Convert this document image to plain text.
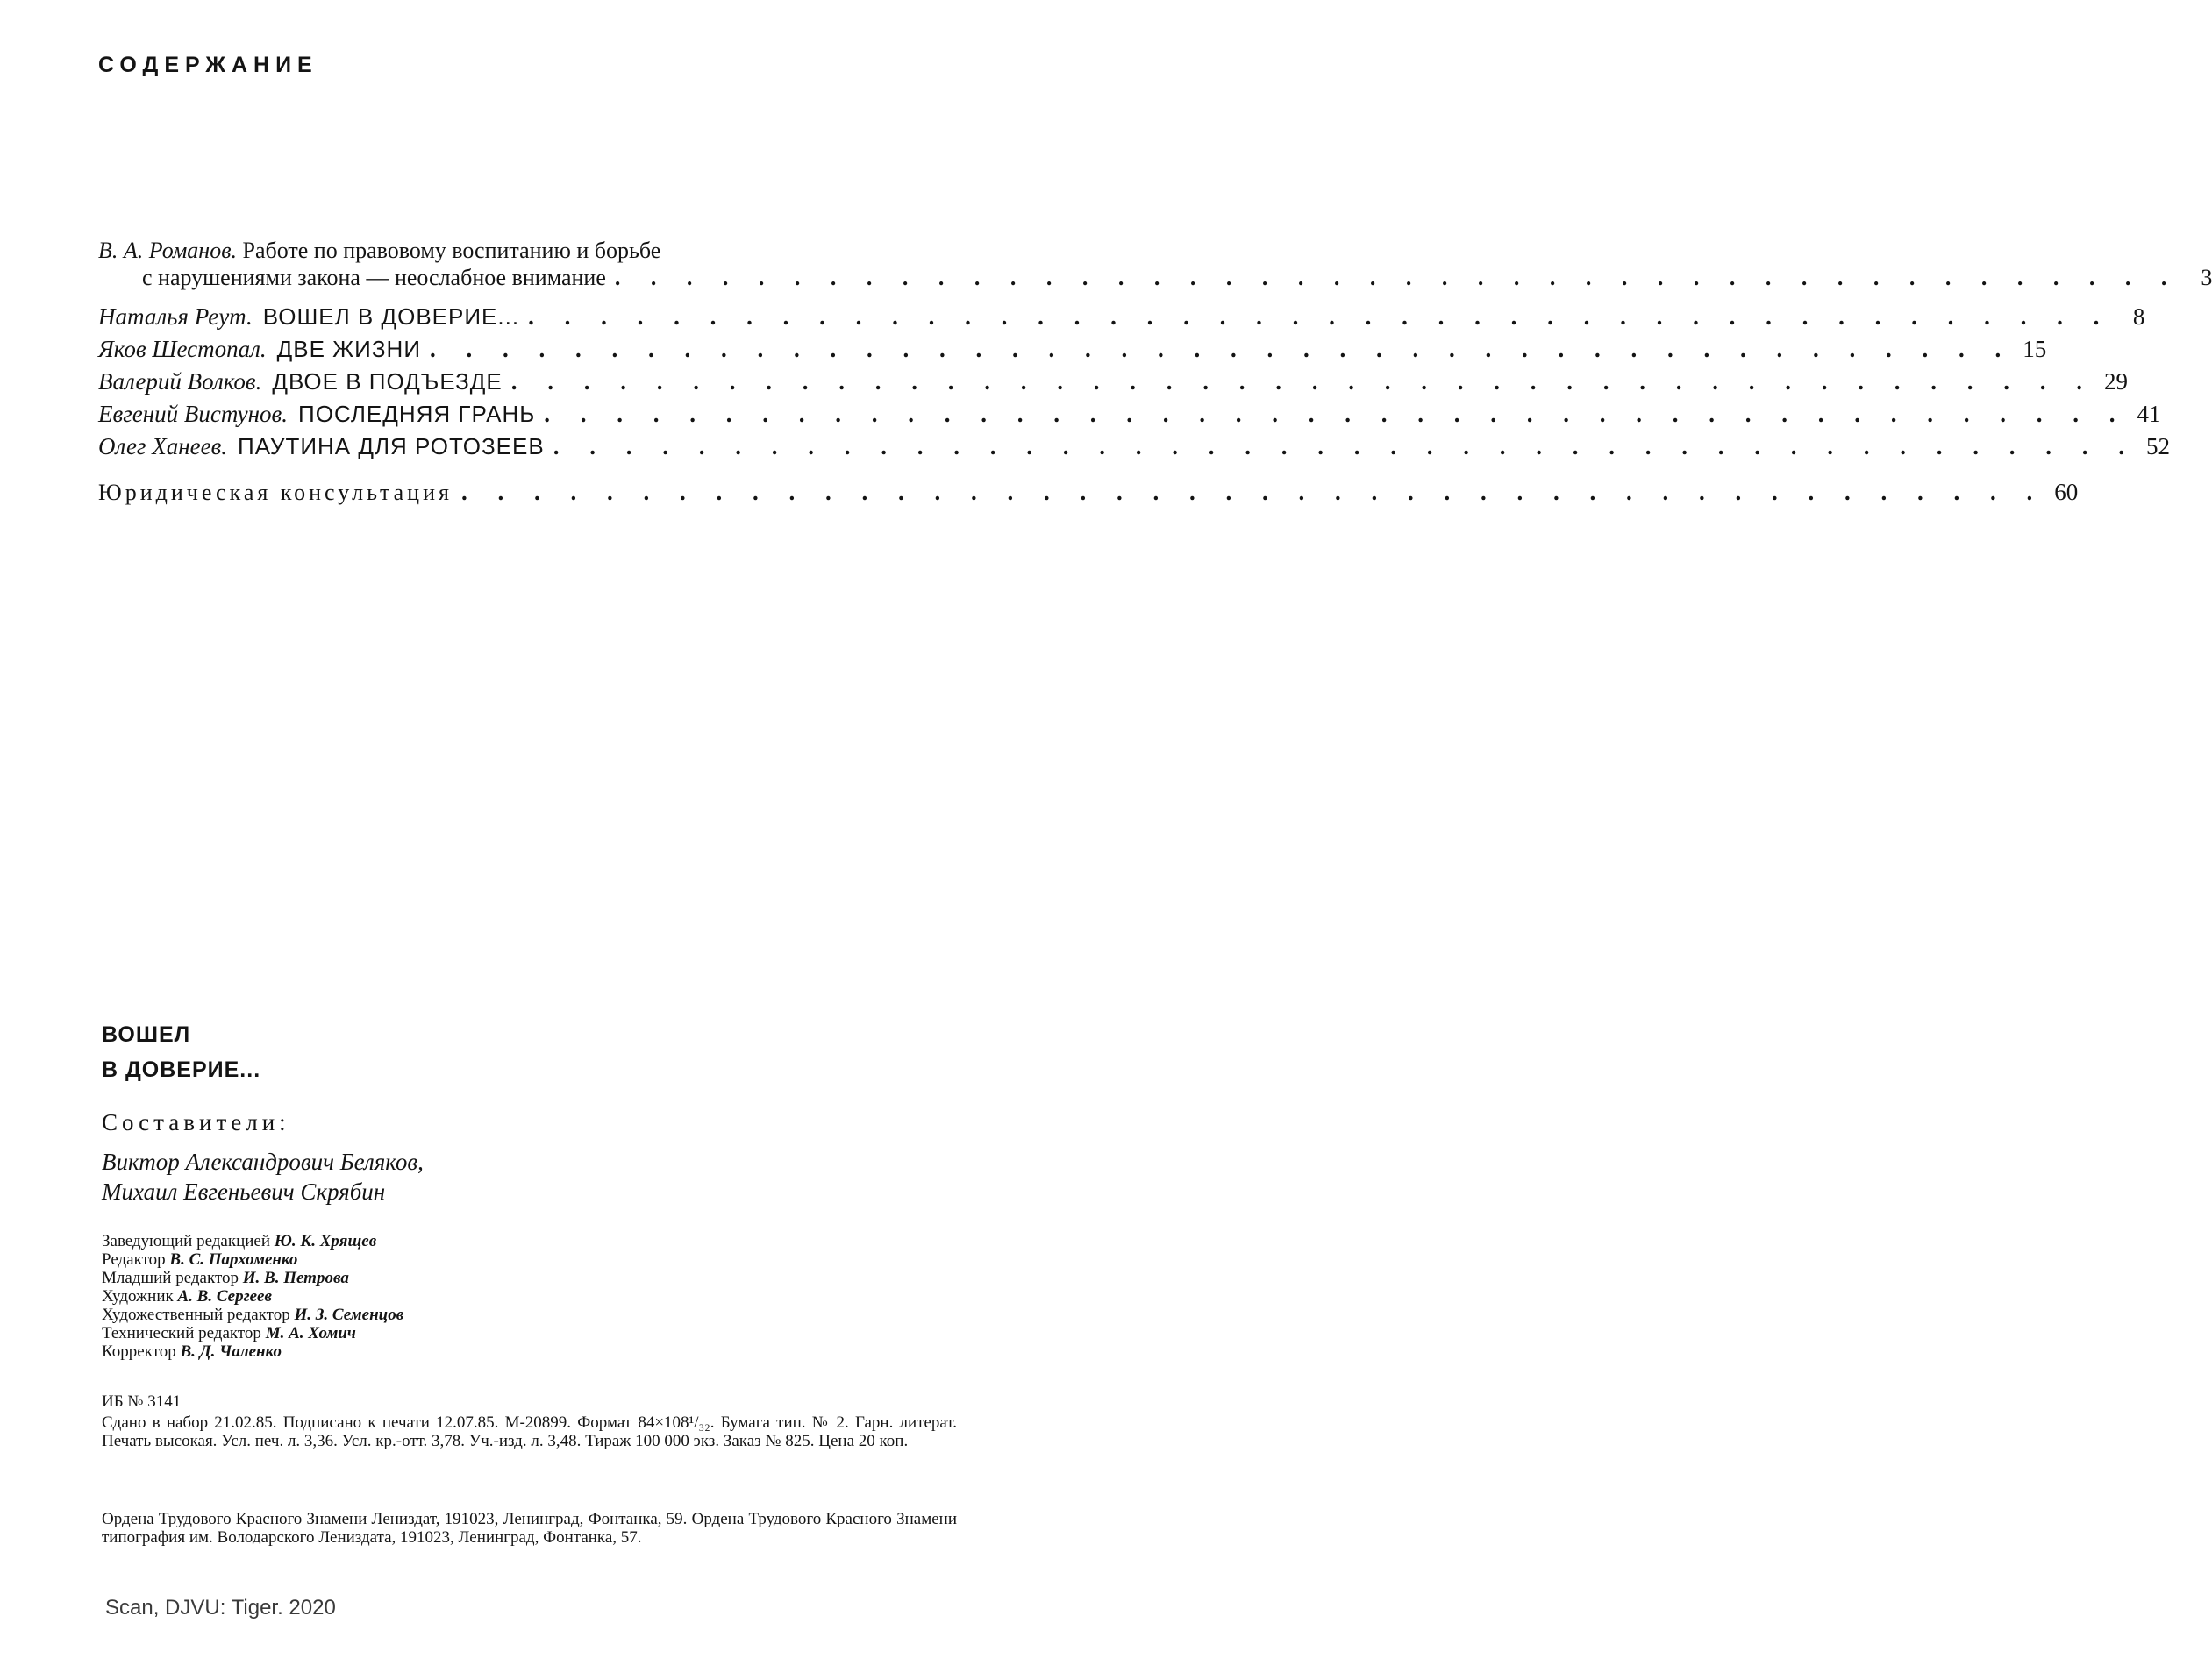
СОДЕРЖАНИЕ
В. А. Романов. Работе по правовому воспитанию и борьбе
с нарушениями закона — неослабное внимание . . . . . . . . . . . . . . . . . . . . . . . . . . . . . . . . . . . . . . . . . . . . 3
Наталья Реут. ВОШЕЛ В ДОВЕРИЕ... . . . . . . . . . . . . . . . . . . . . . . . . . . . . . . . . . . . . . . . . . . . . 8
Яков Шестопал. ДВЕ ЖИЗНИ . . . . . . . . . . . . . . . . . . . . . . . . . . . . . . . . . . . . . . . . . . . . 15
Валерий Волков. ДВОЕ В ПОДЪЕЗДЕ . . . . . . . . . . . . . . . . . . . . . . . . . . . . . . . . . . . . . . . . . . . . 29
Евгений Вистунов. ПОСЛЕДНЯЯ ГРАНЬ . . . . . . . . . . . . . . . . . . . . . . . . . . . . . . . . . . . . . . . . . . . . 41
Олег Ханеев. ПАУТИНА ДЛЯ РОТОЗЕЕВ . . . . . . . . . . . . . . . . . . . . . . . . . . . . . . . . . . . . . . . . . . . . 52
Юридическая консультация . . . . . . . . . . . . . . . . . . . . . . . . . . . . . . . . . . . . . . . . . . . . 60
ВОШЕЛ
В ДОВЕРИЕ...
Составители:
Виктор Александрович Беляков,
Михаил Евгеньевич Скрябин
Заведующий редакцией Ю. К. Хрящев
Редактор В. С. Пархоменко
Младший редактор И. В. Петрова
Художник А. В. Сергеев
Художественный редактор И. З. Семенцов
Технический редактор М. А. Хомич
Корректор В. Д. Чаленко
ИБ № 3141
Сдано в набор 21.02.85. Подписано к печати 12.07.85. М-20899. Формат 84×108¹/₃₂. Бумага тип. № 2. Гарн. литерат. Печать высокая. Усл. печ. л. 3,36. Усл. кр.-отт. 3,78. Уч.-изд. л. 3,48. Тираж 100 000 экз. Заказ № 825. Цена 20 коп.
Ордена Трудового Красного Знамени Лениздат, 191023, Ленинград, Фонтанка, 59. Ордена Трудового Красного Знамени типография им. Володарского Лениздата, 191023, Ленинград, Фонтанка, 57.
Scan, DJVU: Tiger. 2020
